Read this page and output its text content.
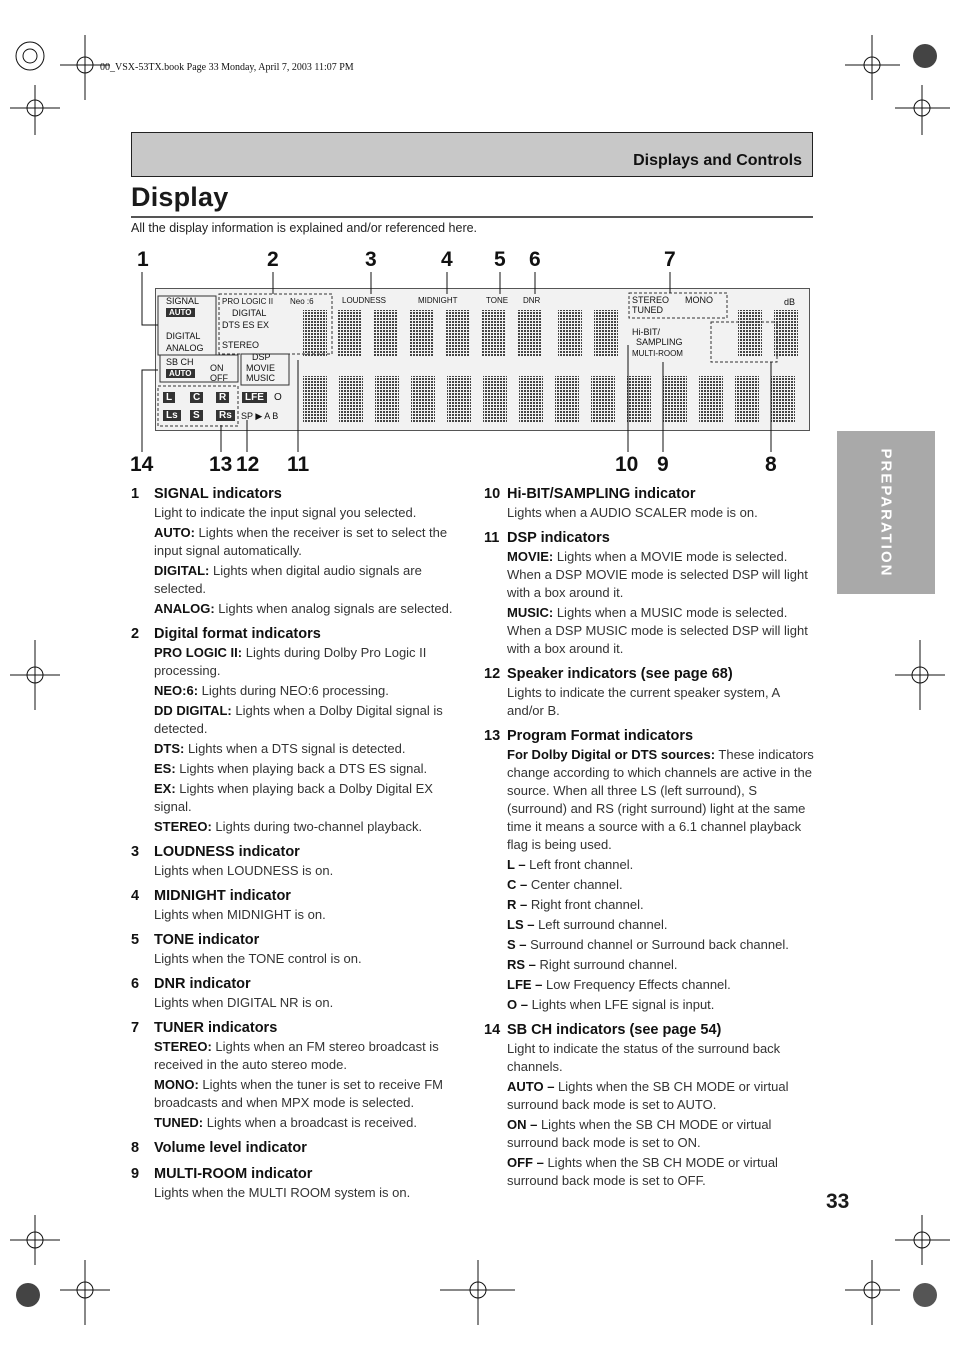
00_VSX-53TX.book Page 33 Monday, April 7, 2003 11:07 PM
Displays and Controls
Display
All the display information is explained and/or referenced here.
PREPARATION
1	2	3	4 5 6	7
SIGNAL
AUTO
DIGITAL
ANALOG
PRO LOGIC II Neo :6
DIGITAL
DTS ES EX
STEREO
LOUDNESS	MIDNIGHT	TONE DNR	STEREO MONO
TUNED
dB
Hi-BIT/
SAMPLING
MULTI-ROOM
SB CH
AUTO
ON
OFF
DSP
MOVIE
MUSIC
L	C	R	LFE	O
Ls	S	Rs	SP ▶ A B
14	13 12 11	10 9	8
1 SIGNAL indicators
Light to indicate the input signal you selected.
AUTO: Lights when the receiver is set to select the input signal automatically.
DIGITAL: Lights when digital audio signals are selected.
ANALOG: Lights when analog signals are selected.
2 Digital format indicators
PRO LOGIC II: Lights during Dolby Pro Logic II processing.
NEO:6: Lights during NEO:6 processing.
DD DIGITAL: Lights when a Dolby Digital signal is detected.
DTS: Lights when a DTS signal is detected.
ES: Lights when playing back a DTS ES signal.
EX: Lights when playing back a Dolby Digital EX signal.
STEREO: Lights during two-channel playback.
3 LOUDNESS indicator
Lights when LOUDNESS is on.
4 MIDNIGHT indicator
Lights when MIDNIGHT is on.
5 TONE indicator
Lights when the TONE control is on.
6 DNR indicator
Lights when DIGITAL NR is on.
7 TUNER indicators
STEREO: Lights when an FM stereo broadcast is received in the auto stereo mode.
MONO: Lights when the tuner is set to receive FM broadcasts and when MPX mode is selected.
TUNED: Lights when a broadcast is received.
8 Volume level indicator
9 MULTI-ROOM indicator
Lights when the MULTI ROOM system is on.
10 Hi-BIT/SAMPLING indicator
Lights when a AUDIO SCALER mode is on.
11 DSP indicators
MOVIE: Lights when a MOVIE mode is selected. When a DSP MOVIE mode is selected DSP will light with a box around it.
MUSIC: Lights when a MUSIC mode is selected. When a DSP MUSIC mode is selected DSP will light with a box around it.
12 Speaker indicators (see page 68)
Lights to indicate the current speaker system, A and/or B.
13 Program Format indicators
For Dolby Digital or DTS sources: These indicators change according to which channels are active in the source. When all three LS (left surround), S (surround) and RS (right surround) light at the same time it means a source with a 6.1 channel playback flag is being used.
L – Left front channel.
C – Center channel.
R – Right front channel.
LS – Left surround channel.
S – Surround channel or Surround back channel.
RS – Right surround channel.
LFE – Low Frequency Effects channel.
O – Lights when LFE signal is input.
14 SB CH indicators (see page 54)
Light to indicate the status of the surround back channels.
AUTO – Lights when the SB CH MODE or virtual surround back mode is set to AUTO.
ON – Lights when the SB CH MODE or virtual surround back mode is set to ON.
OFF – Lights when the SB CH MODE or virtual surround back mode is set to OFF.
33
